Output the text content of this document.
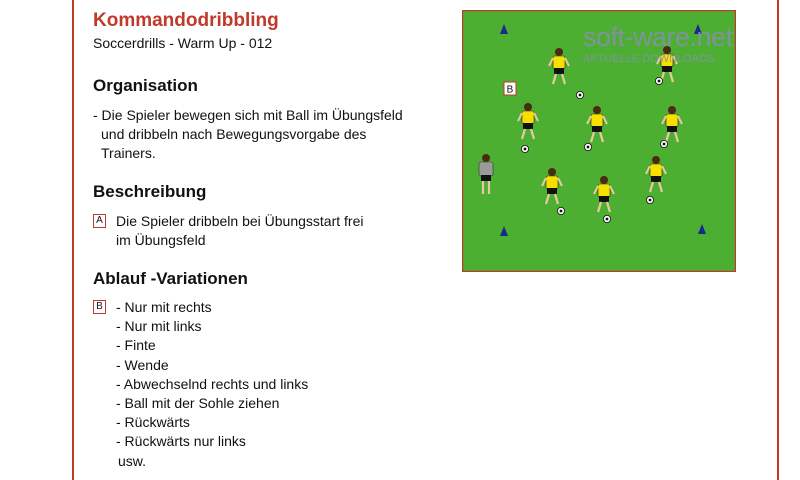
Kommandodribbling

Soccerdrills - Warm Up - 012

Organisation
- Die Spieler bewegen sich mit Ball im Übungsfeld
und dribbeln nach Bewegungsvorgabe des
Trainers.
Beschreibung
A Die Spieler dribbeln bei Übungsstart frei
im Übungsfeld
Ablauf -Variationen
B - Nur mit rechts
- Nur mit links
- Finte
- Wende
- Abwechselnd rechts und links
- Ball mit der Sohle ziehen
- Rückwärts
- Rückwärts nur links
usw.
B
soft-ware.net
AKTUELLE DOWNLOADS
